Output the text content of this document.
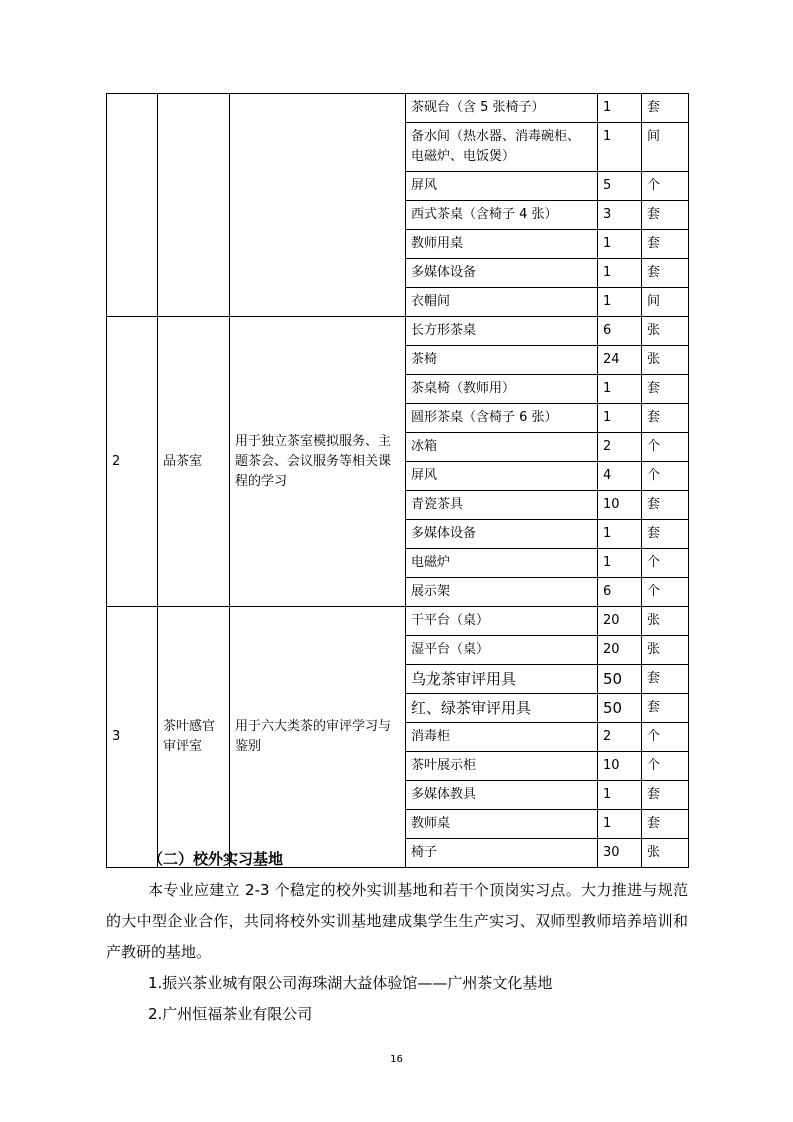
			茶砚台（含 5 张椅子）	1	套
			备水间（热水器、消毒碗柜、电磁炉、电饭煲）	1	间
			屏风	5	个
			西式茶桌（含椅子 4 张）	3	套
			教师用桌	1	套
			多媒体设备	1	套
			衣帽间	1	间
2	品茶室	用于独立茶室模拟服务、主题茶会、会议服务等相关课程的学习	长方形茶桌	6	张
			茶椅	24	张
			茶桌椅（教师用）	1	套
			圆形茶桌（含椅子 6 张）	1	套
			冰箱	2	个
			屏风	4	个
			青瓷茶具	10	套
			多媒体设备	1	套
			电磁炉	1	个
			展示架	6	个
3	茶叶感官审评室	用于六大类茶的审评学习与鉴别	干平台（桌）	20	张
			湿平台（桌）	20	张
			乌龙茶审评用具	50	套
			红、绿茶审评用具	50	套
			消毒柜	2	个
			茶叶展示柜	10	个
			多媒体教具	1	套
			教师桌	1	套
			椅子	30	张
（二）校外实习基地
本专业应建立 2-3 个稳定的校外实训基地和若干个顶岗实习点。大力推进与规范的大中型企业合作，共同将校外实训基地建成集学生生产实习、双师型教师培养培训和产教研的基地。
1.振兴茶业城有限公司海珠湖大益体验馆——广州茶文化基地
2.广州恒福茶业有限公司
16
